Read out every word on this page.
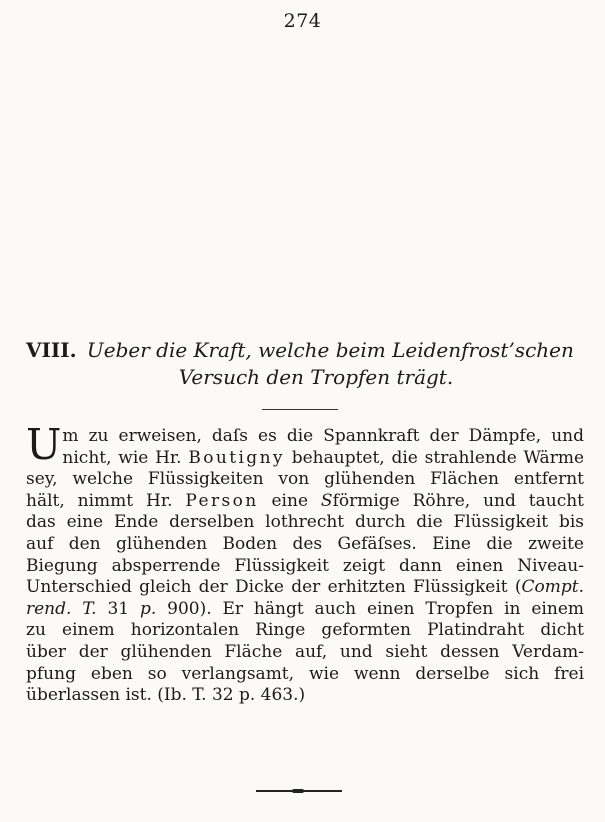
274
VIII. Ueber die Kraft, welche beim Leidenfrost’schen
Versuch den Tropfen trägt.
U m zu erweisen, daſs es die Spannkraft der Dämpfe, und
nicht, wie Hr. Boutigny behauptet, die strahlende Wärme
sey, welche Flüssigkeiten von glühenden Flächen entfernt
hält, nimmt Hr. Person eine Sförmige Röhre, und taucht
das eine Ende derselben lothrecht durch die Flüssigkeit bis
auf den glühenden Boden des Gefäſses. Eine die zweite
Biegung absperrende Flüssigkeit zeigt dann einen Niveau-
Unterschied gleich der Dicke der erhitzten Flüssigkeit (Compt.
rend. T. 31 p. 900). Er hängt auch einen Tropfen in einem
zu einem horizontalen Ringe geformten Platindraht dicht
über der glühenden Fläche auf, und sieht dessen Verdam-
pfung eben so verlangsamt, wie wenn derselbe sich frei
überlassen ist. (Ib. T. 32 p. 463.)
